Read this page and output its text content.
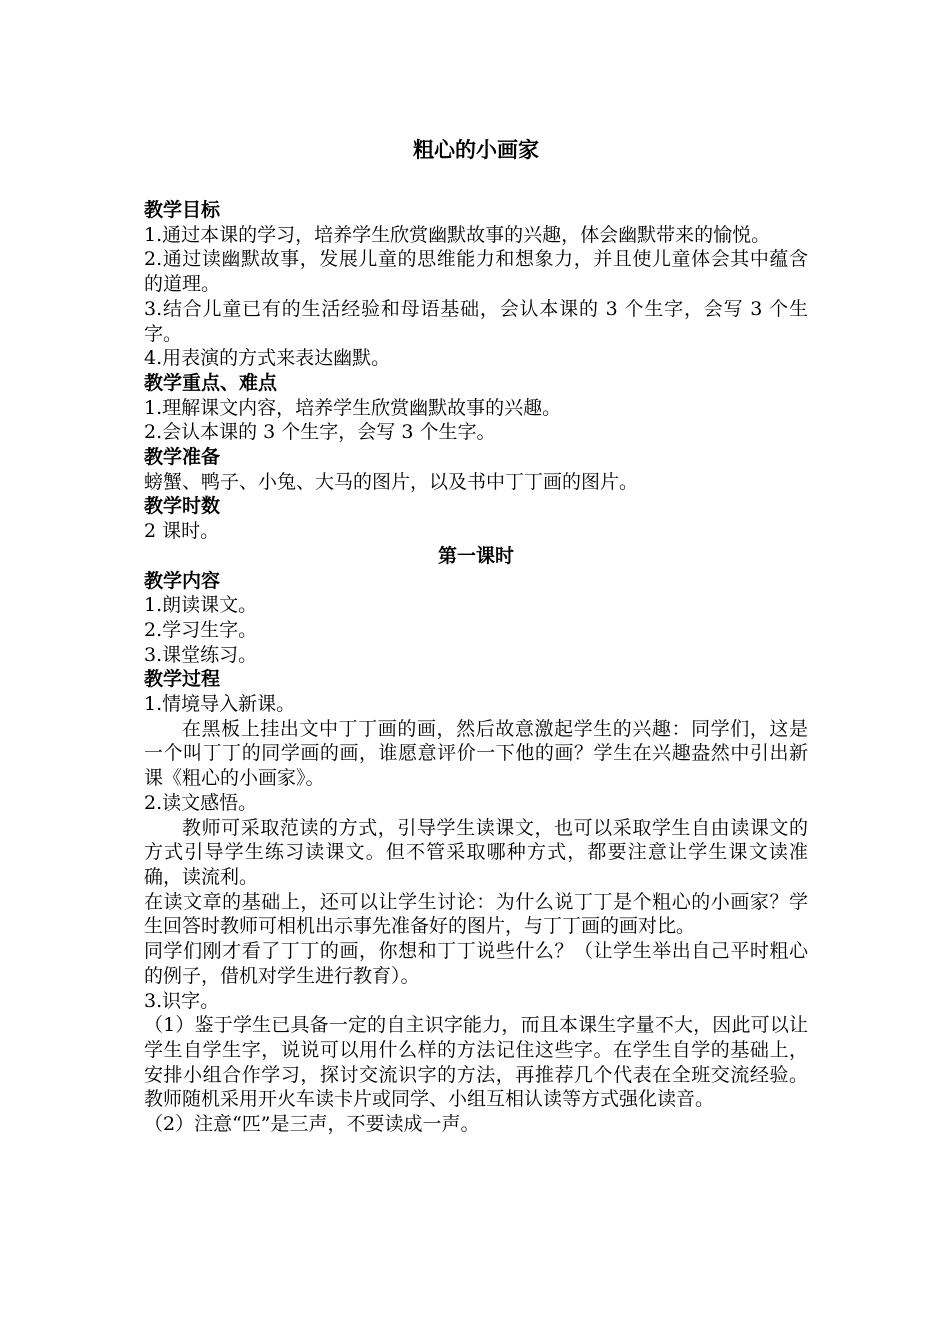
粗心的小画家
教学目标

1.通过本课的学习，培养学生欣赏幽默故事的兴趣，体会幽默带来的愉悦。

2.通过读幽默故事，发展儿童的思维能力和想象力，并且使儿童体会其中蕴含的道理。

3.结合儿童已有的生活经验和母语基础，会认本课的 3 个生字，会写 3 个生字。

4.用表演的方式来表达幽默。

教学重点、难点

1.理解课文内容，培养学生欣赏幽默故事的兴趣。

2.会认本课的 3 个生字，会写 3 个生字。

教学准备

螃蟹、鸭子、小兔、大马的图片，以及书中丁丁画的图片。

教学时数

2 课时。

第一课时
教学内容

1.朗读课文。

2.学习生字。

3.课堂练习。

教学过程

1.情境导入新课。

在黑板上挂出文中丁丁画的画，然后故意激起学生的兴趣：同学们，这是一个叫丁丁的同学画的画，谁愿意评价一下他的画？学生在兴趣盎然中引出新课《粗心的小画家》。

2.读文感悟。

教师可采取范读的方式，引导学生读课文，也可以采取学生自由读课文的方式引导学生练习读课文。但不管采取哪种方式，都要注意让学生课文读准确，读流利。

在读文章的基础上，还可以让学生讨论：为什么说丁丁是个粗心的小画家？学生回答时教师可相机出示事先准备好的图片，与丁丁画的画对比。

同学们刚才看了丁丁的画，你想和丁丁说些什么？（让学生举出自己平时粗心的例子，借机对学生进行教育）。

3.识字。

（1）鉴于学生已具备一定的自主识字能力，而且本课生字量不大，因此可以让学生自学生字，说说可以用什么样的方法记住这些字。在学生自学的基础上，安排小组合作学习，探讨交流识字的方法，再推荐几个代表在全班交流经验。教师随机采用开火车读卡片或同学、小组互相认读等方式强化读音。

（2）注意“匹”是三声，不要读成一声。
